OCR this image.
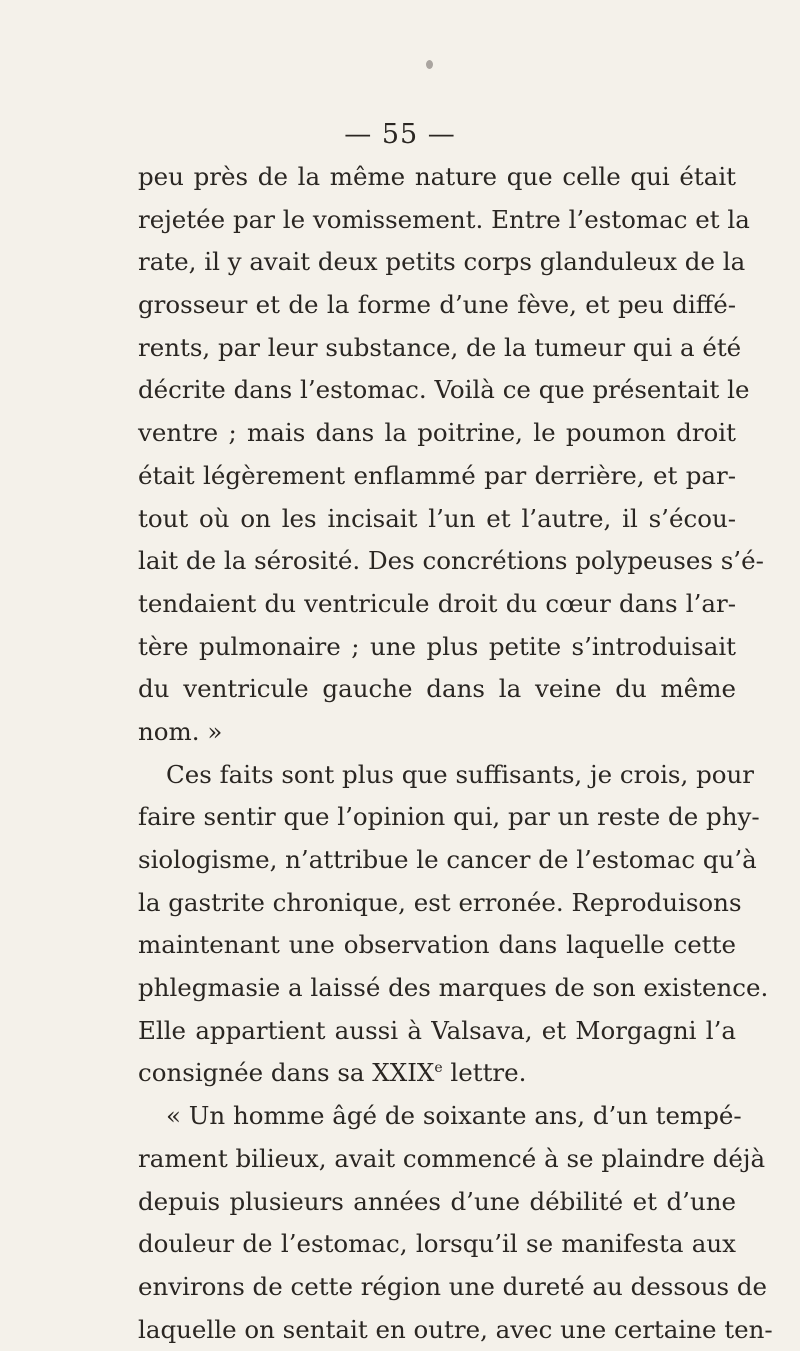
— 55 —
peu près de la même nature que celle qui était
rejetée par le vomissement. Entre l’estomac et la
rate, il y avait deux petits corps glanduleux de la
grosseur et de la forme d’une fève, et peu diffé-
rents, par leur substance, de la tumeur qui a été
décrite dans l’estomac. Voilà ce que présentait le
ventre ; mais dans la poitrine, le poumon droit
était légèrement enflammé par derrière, et par-
tout où on les incisait l’un et l’autre, il s’écou-
lait de la sérosité. Des concrétions polypeuses s’é-
tendaient du ventricule droit du cœur dans l’ar-
tère pulmonaire ; une plus petite s’introduisait
du ventricule gauche dans la veine du même
nom. »
Ces faits sont plus que suffisants, je crois, pour
faire sentir que l’opinion qui, par un reste de phy-
siologisme, n’attribue le cancer de l’estomac qu’à
la gastrite chronique, est erronée. Reproduisons
maintenant une observation dans laquelle cette
phlegmasie a laissé des marques de son existence.
Elle appartient aussi à Valsava, et Morgagni l’a
consignée dans sa XXIXe lettre.
« Un homme âgé de soixante ans, d’un tempé-
rament bilieux, avait commencé à se plaindre déjà
depuis plusieurs années d’une débilité et d’une
douleur de l’estomac, lorsqu’il se manifesta aux
environs de cette région une dureté au dessous de
laquelle on sentait en outre, avec une certaine ten-
